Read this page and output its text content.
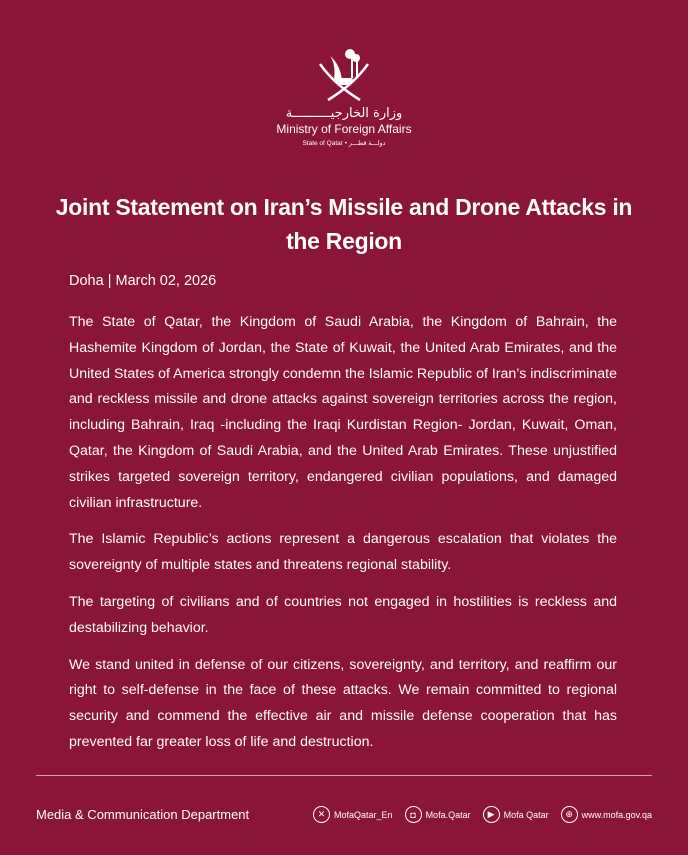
وزارة الخارجيــــــــــة
Ministry of Foreign Affairs
State of Qatar • دولـــة قطـــر
Joint Statement on Iran’s Missile and Drone Attacks in the Region
Doha | March 02, 2026

The State of Qatar, the Kingdom of Saudi Arabia, the Kingdom of Bahrain, the Hashemite Kingdom of Jordan, the State of Kuwait, the United Arab Emirates, and the United States of America strongly condemn the Islamic Republic of Iran’s indiscriminate and reckless missile and drone attacks against sovereign territories across the region, including Bahrain, Iraq -including the Iraqi Kurdistan Region- Jordan, Kuwait, Oman, Qatar, the Kingdom of Saudi Arabia, and the United Arab Emirates. These unjustified strikes targeted sovereign territory, endangered civilian populations, and damaged civilian infrastructure.

The Islamic Republic’s actions represent a dangerous escalation that violates the sovereignty of multiple states and threatens regional stability.

The targeting of civilians and of countries not engaged in hostilities is reckless and destabilizing behavior.

We stand united in defense of our citizens, sovereignty, and territory, and reaffirm our right to self-defense in the face of these attacks. We remain committed to regional security and commend the effective air and missile defense cooperation that has prevented far greater loss of life and destruction.

Media & Communication Department	✕ MofaQatar_En	◘	Mofa.Qatar	▶	Mofa Qatar	⊕ www.mofa.gov.qa
